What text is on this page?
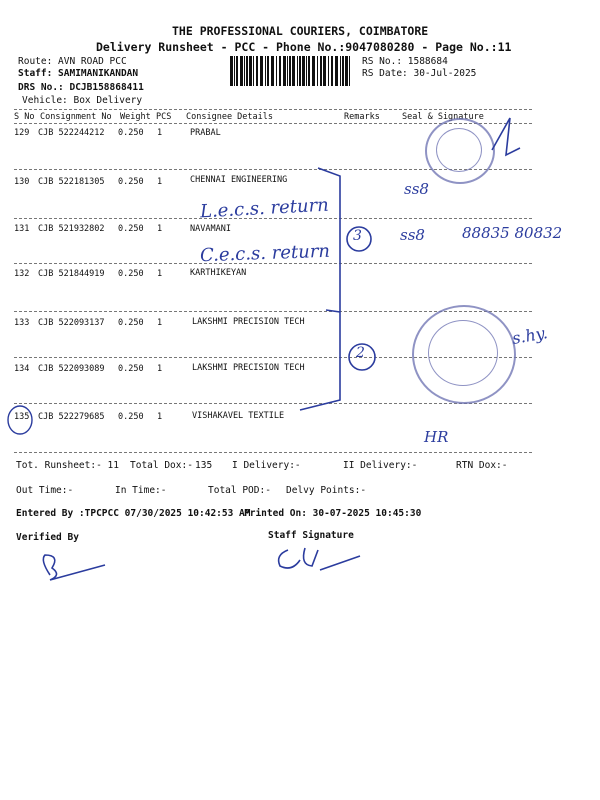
THE PROFESSIONAL COURIERS, COIMBATORE
Delivery Runsheet - PCC - Phone No.:9047080280 - Page No.:11
Route: AVN ROAD PCC
Staff: SAMIMANIKANDAN
DRS No.: DCJB158868411
Vehicle: Box Delivery
RS No.: 1588684
RS Date: 30-Jul-2025
S No Consignment No Weight PCS Consignee Details	Remarks	Seal & Signature
129 CJB 522244212 0.250 1	PRABAL
130 CJB 522181305 0.250 1	CHENNAI ENGINEERING
131 CJB 521932802 0.250 1	NAVAMANI
132 CJB 521844919 0.250 1	KARTHIKEYAN
133 CJB 522093137 0.250 1	LAKSHMI PRECISION TECH
134 CJB 522093089 0.250 1	LAKSHMI PRECISION TECH
135 CJB 522279685 0.250 1	VISHAKAVEL TEXTILE
L.e.c.s. return
C.e.c.s. return
3
2
88835 80832
ss8
ss8
s.hy.
HR
Tot. Runsheet:- 11 Total Dox:- 135 I Delivery:-	II Delivery:-	RTN Dox:-
Out Time:-	In Time:-	Total POD:- Delvy Points:-
Entered By :TPCPCC 07/30/2025 10:42:53 AM
Printed On: 30-07-2025 10:45:30
Verified By	Staff Signature
